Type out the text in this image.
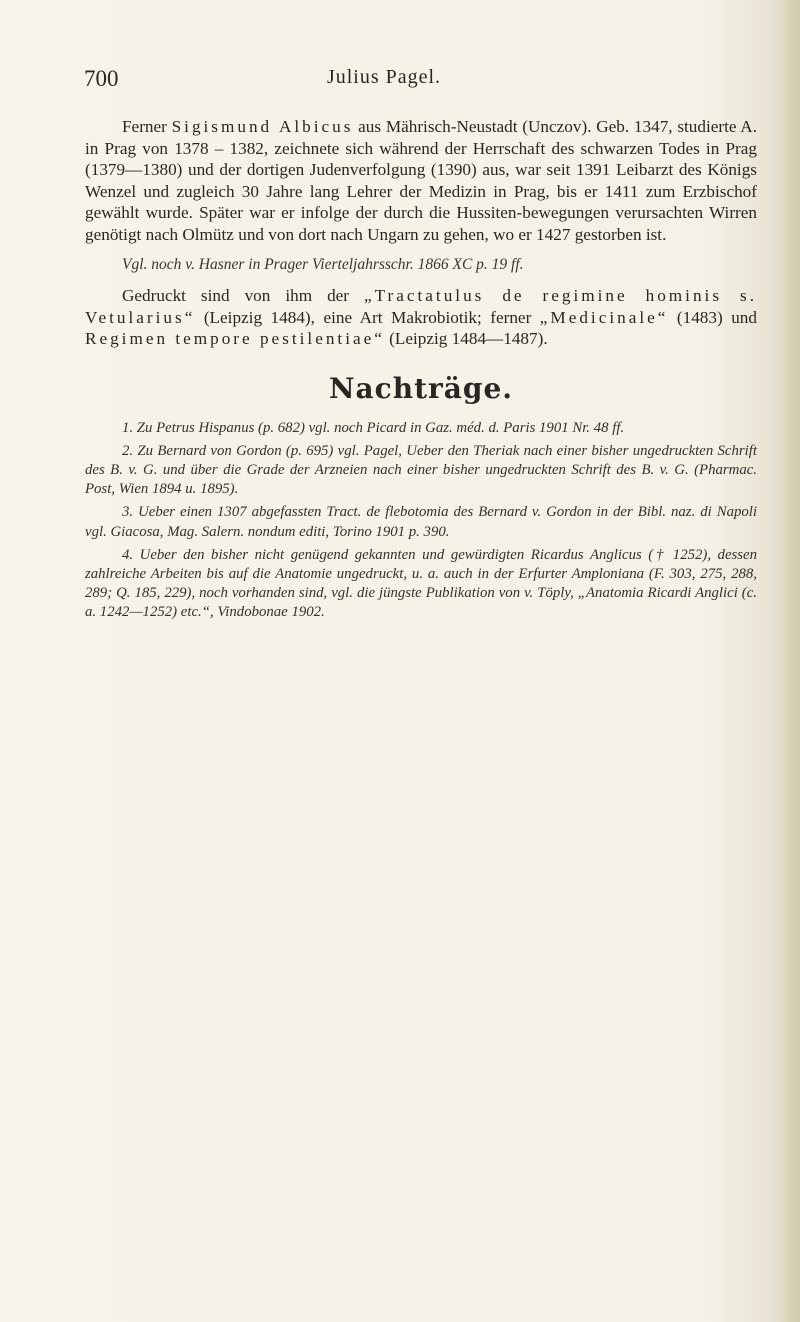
700	Julius Pagel.

Ferner Sigismund Albicus aus Mährisch-Neustadt (Unczov). Geb. 1347, studierte A. in Prag von 1378 – 1382, zeichnete sich während der Herrschaft des schwarzen Todes in Prag (1379—1380) und der dortigen Judenverfolgung (1390) aus, war seit 1391 Leibarzt des Königs Wenzel und zugleich 30 Jahre lang Lehrer der Medizin in Prag, bis er 1411 zum Erzbischof gewählt wurde. Später war er infolge der durch die Hussiten-bewegungen verursachten Wirren genötigt nach Olmütz und von dort nach Ungarn zu gehen, wo er 1427 gestorben ist.

Vgl. noch v. Hasner in Prager Vierteljahrsschr. 1866 XC p. 19 ff.

Gedruckt sind von ihm der „Tractatulus de regimine hominis s. Vetularius“ (Leipzig 1484), eine Art Makrobiotik; ferner „Medicinale“ (1483) und Regimen tempore pestilentiae“ (Leipzig 1484—1487).

Nachträge.

1. Zu Petrus Hispanus (p. 682) vgl. noch Picard in Gaz. méd. d. Paris 1901 Nr. 48 ff.

2. Zu Bernard von Gordon (p. 695) vgl. Pagel, Ueber den Theriak nach einer bisher ungedruckten Schrift des B. v. G. und über die Grade der Arzneien nach einer bisher ungedruckten Schrift des B. v. G. (Pharmac. Post, Wien 1894 u. 1895).

3. Ueber einen 1307 abgefassten Tract. de flebotomia des Bernard v. Gordon in der Bibl. naz. di Napoli vgl. Giacosa, Mag. Salern. nondum editi, Torino 1901 p. 390.

4. Ueber den bisher nicht genügend gekannten und gewürdigten Ricardus Anglicus († 1252), dessen zahlreiche Arbeiten bis auf die Anatomie ungedruckt, u. a. auch in der Erfurter Amploniana (F. 303, 275, 288, 289; Q. 185, 229), noch vorhanden sind, vgl. die jüngste Publikation von v. Töply, „Anatomia Ricardi Anglici (c. a. 1242—1252) etc.“, Vindobonae 1902.
